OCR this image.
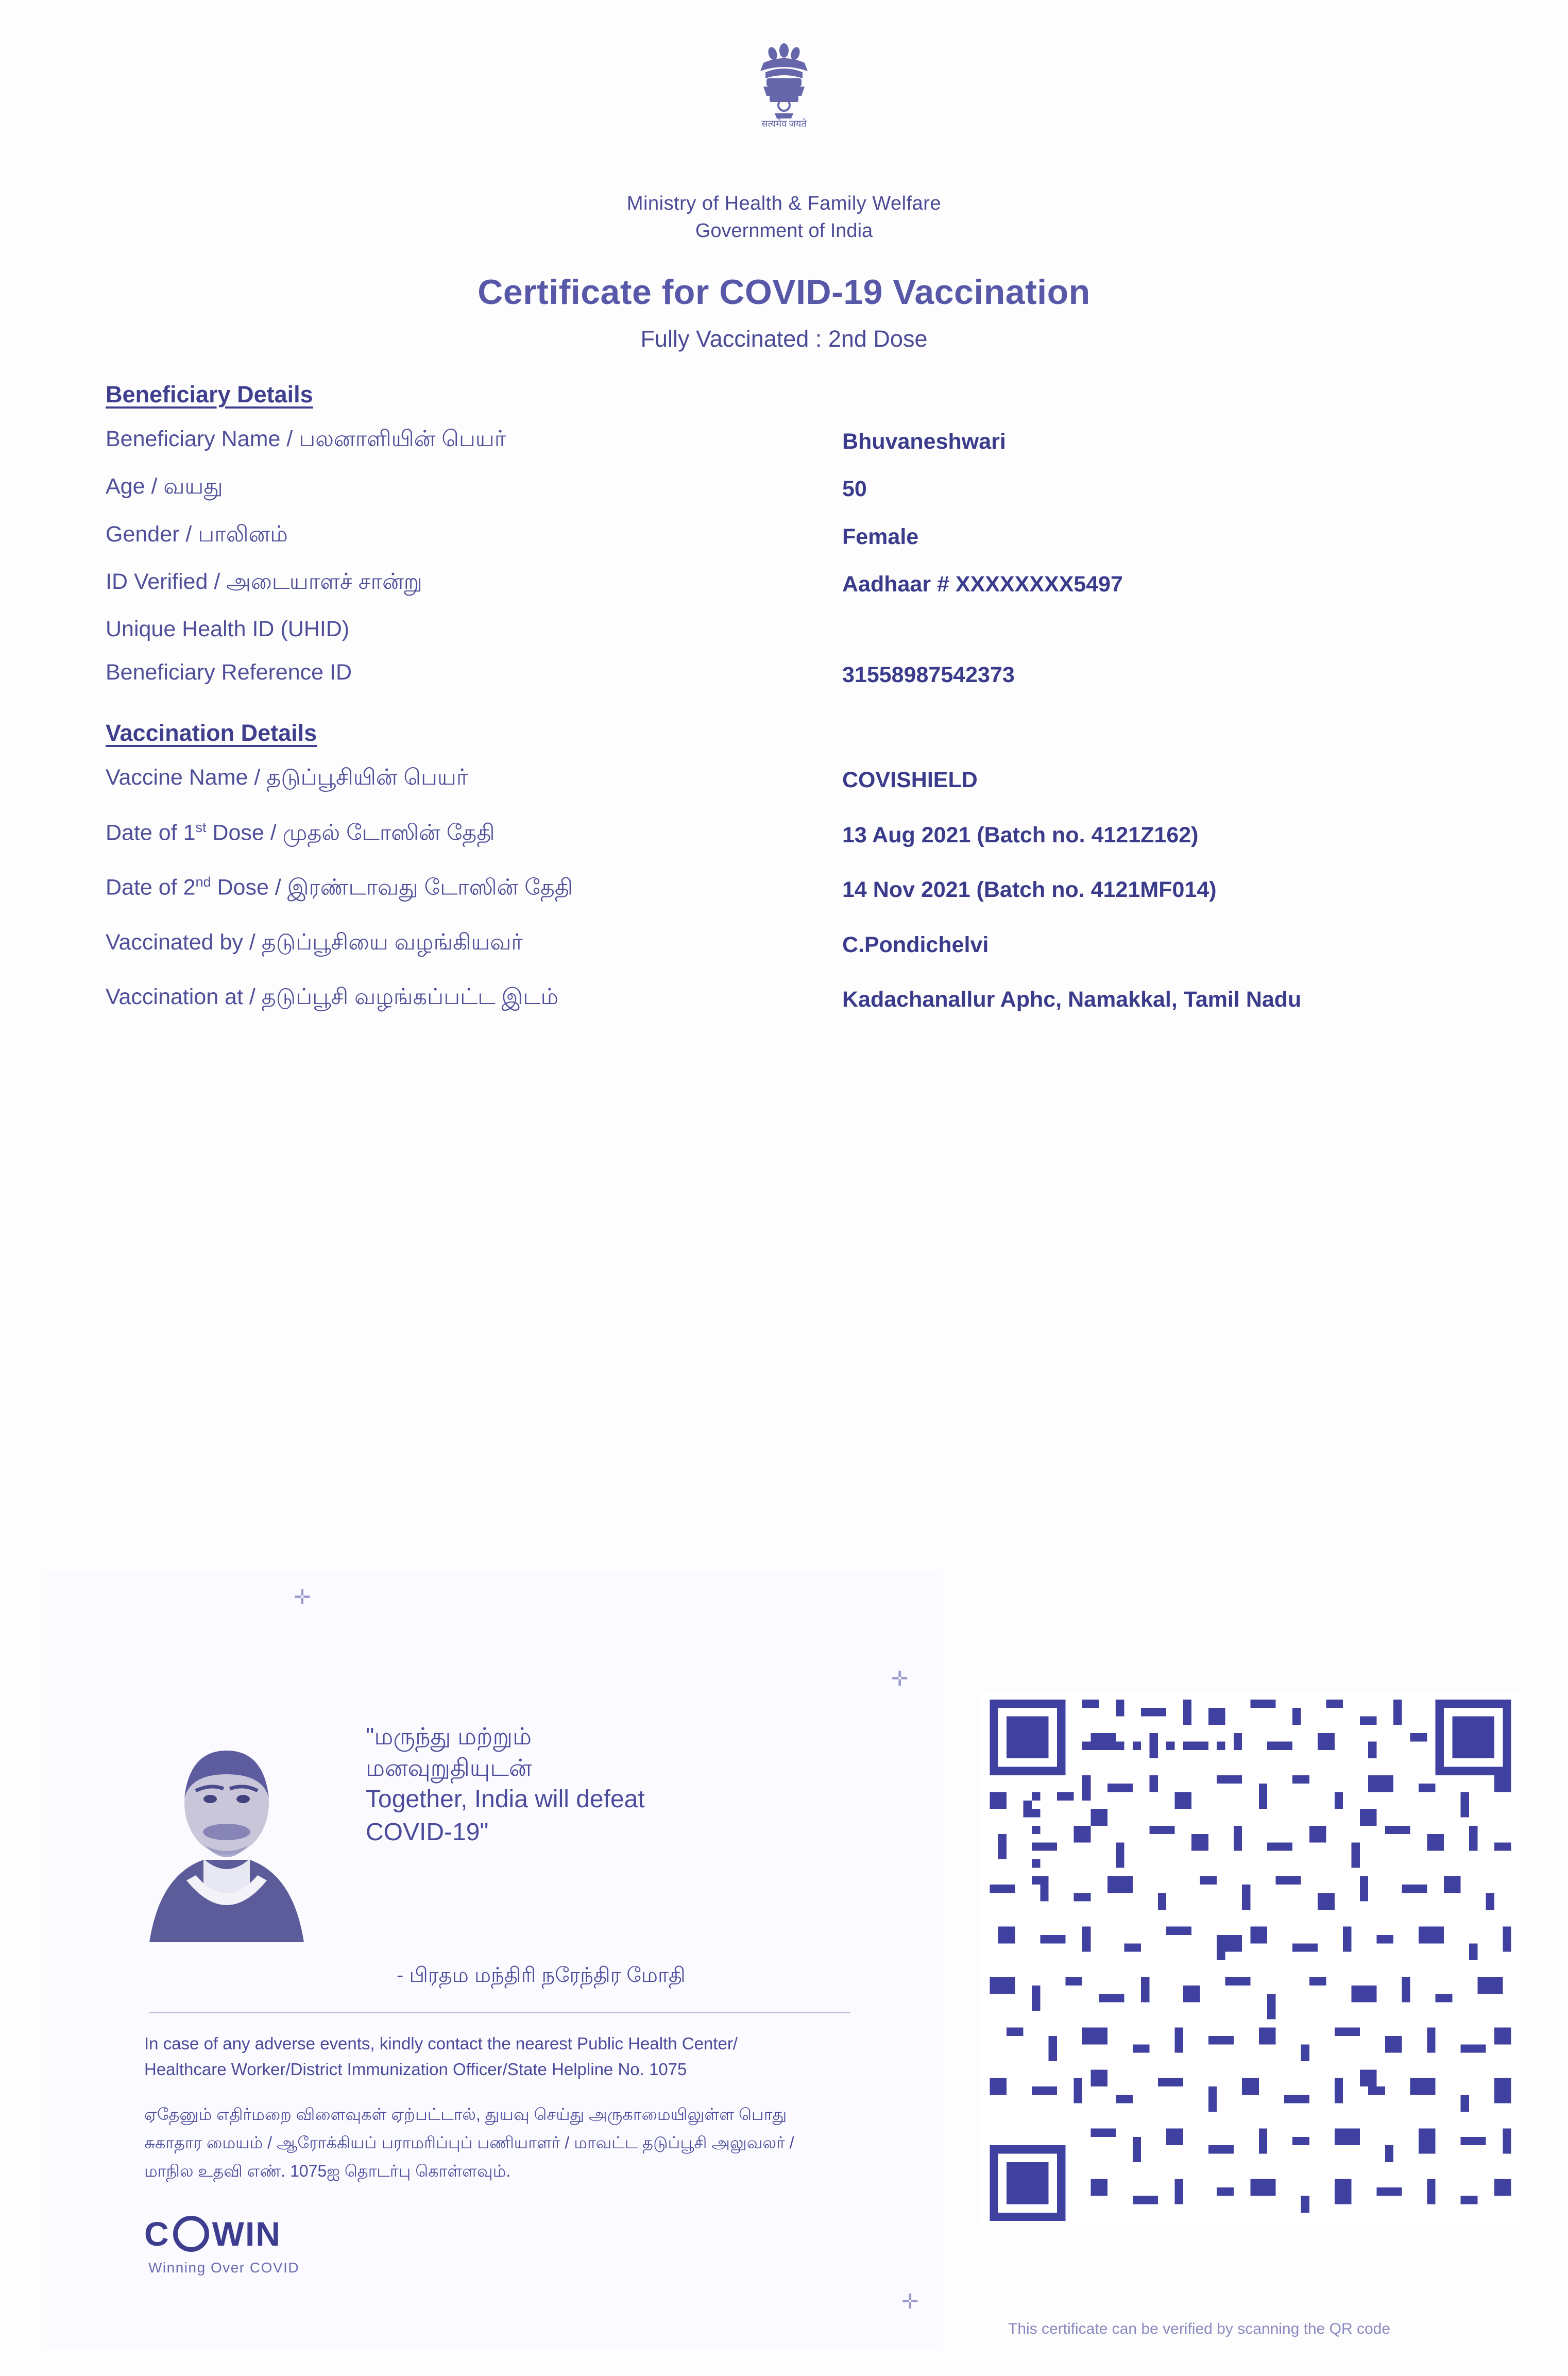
सत्यमेव जयते
Ministry of Health & Family Welfare
Government of India
Certificate for COVID-19 Vaccination
Fully Vaccinated : 2nd Dose
Beneficiary Details
Beneficiary Name / பலனாளியின் பெயர்	Bhuvaneshwari
Age / வயது	50
Gender / பாலினம்	Female
ID Verified / அடையாளச் சான்று	Aadhaar # XXXXXXXX5497
Unique Health ID (UHID)
Beneficiary Reference ID	31558987542373
Vaccination Details
Vaccine Name / தடுப்பூசியின் பெயர்	COVISHIELD
Date of 1st Dose / முதல் டோஸின் தேதி	13 Aug 2021 (Batch no. 4121Z162)
Date of 2nd Dose / இரண்டாவது டோஸின் தேதி	14 Nov 2021 (Batch no. 4121MF014)
Vaccinated by / தடுப்பூசியை வழங்கியவர்	C.Pondichelvi
Vaccination at / தடுப்பூசி வழங்கப்பட்ட இடம்	Kadachanallur Aphc, Namakkal, Tamil Nadu
✛
✛
✛
"மருந்து மற்றும்
மனவுறுதியுடன்
Together, India will defeat
COVID-19"
- பிரதம மந்திரி நரேந்திர மோதி
In case of any adverse events, kindly contact the nearest Public Health Center/
Healthcare Worker/District Immunization Officer/State Helpline No. 1075
ஏதேனும் எதிர்மறை விளைவுகள் ஏற்பட்டால், துயவு செய்து அருகாமையிலுள்ள பொது
சுகாதார மையம் / ஆரோக்கியப் பராமரிப்புப் பணியாளர் / மாவட்ட தடுப்பூசி அலுவலர் /
மாநில உதவி எண். 1075ஐ தொடர்பு கொள்ளவும்.
C WIN
Winning Over COVID
This certificate can be verified by scanning the QR code
